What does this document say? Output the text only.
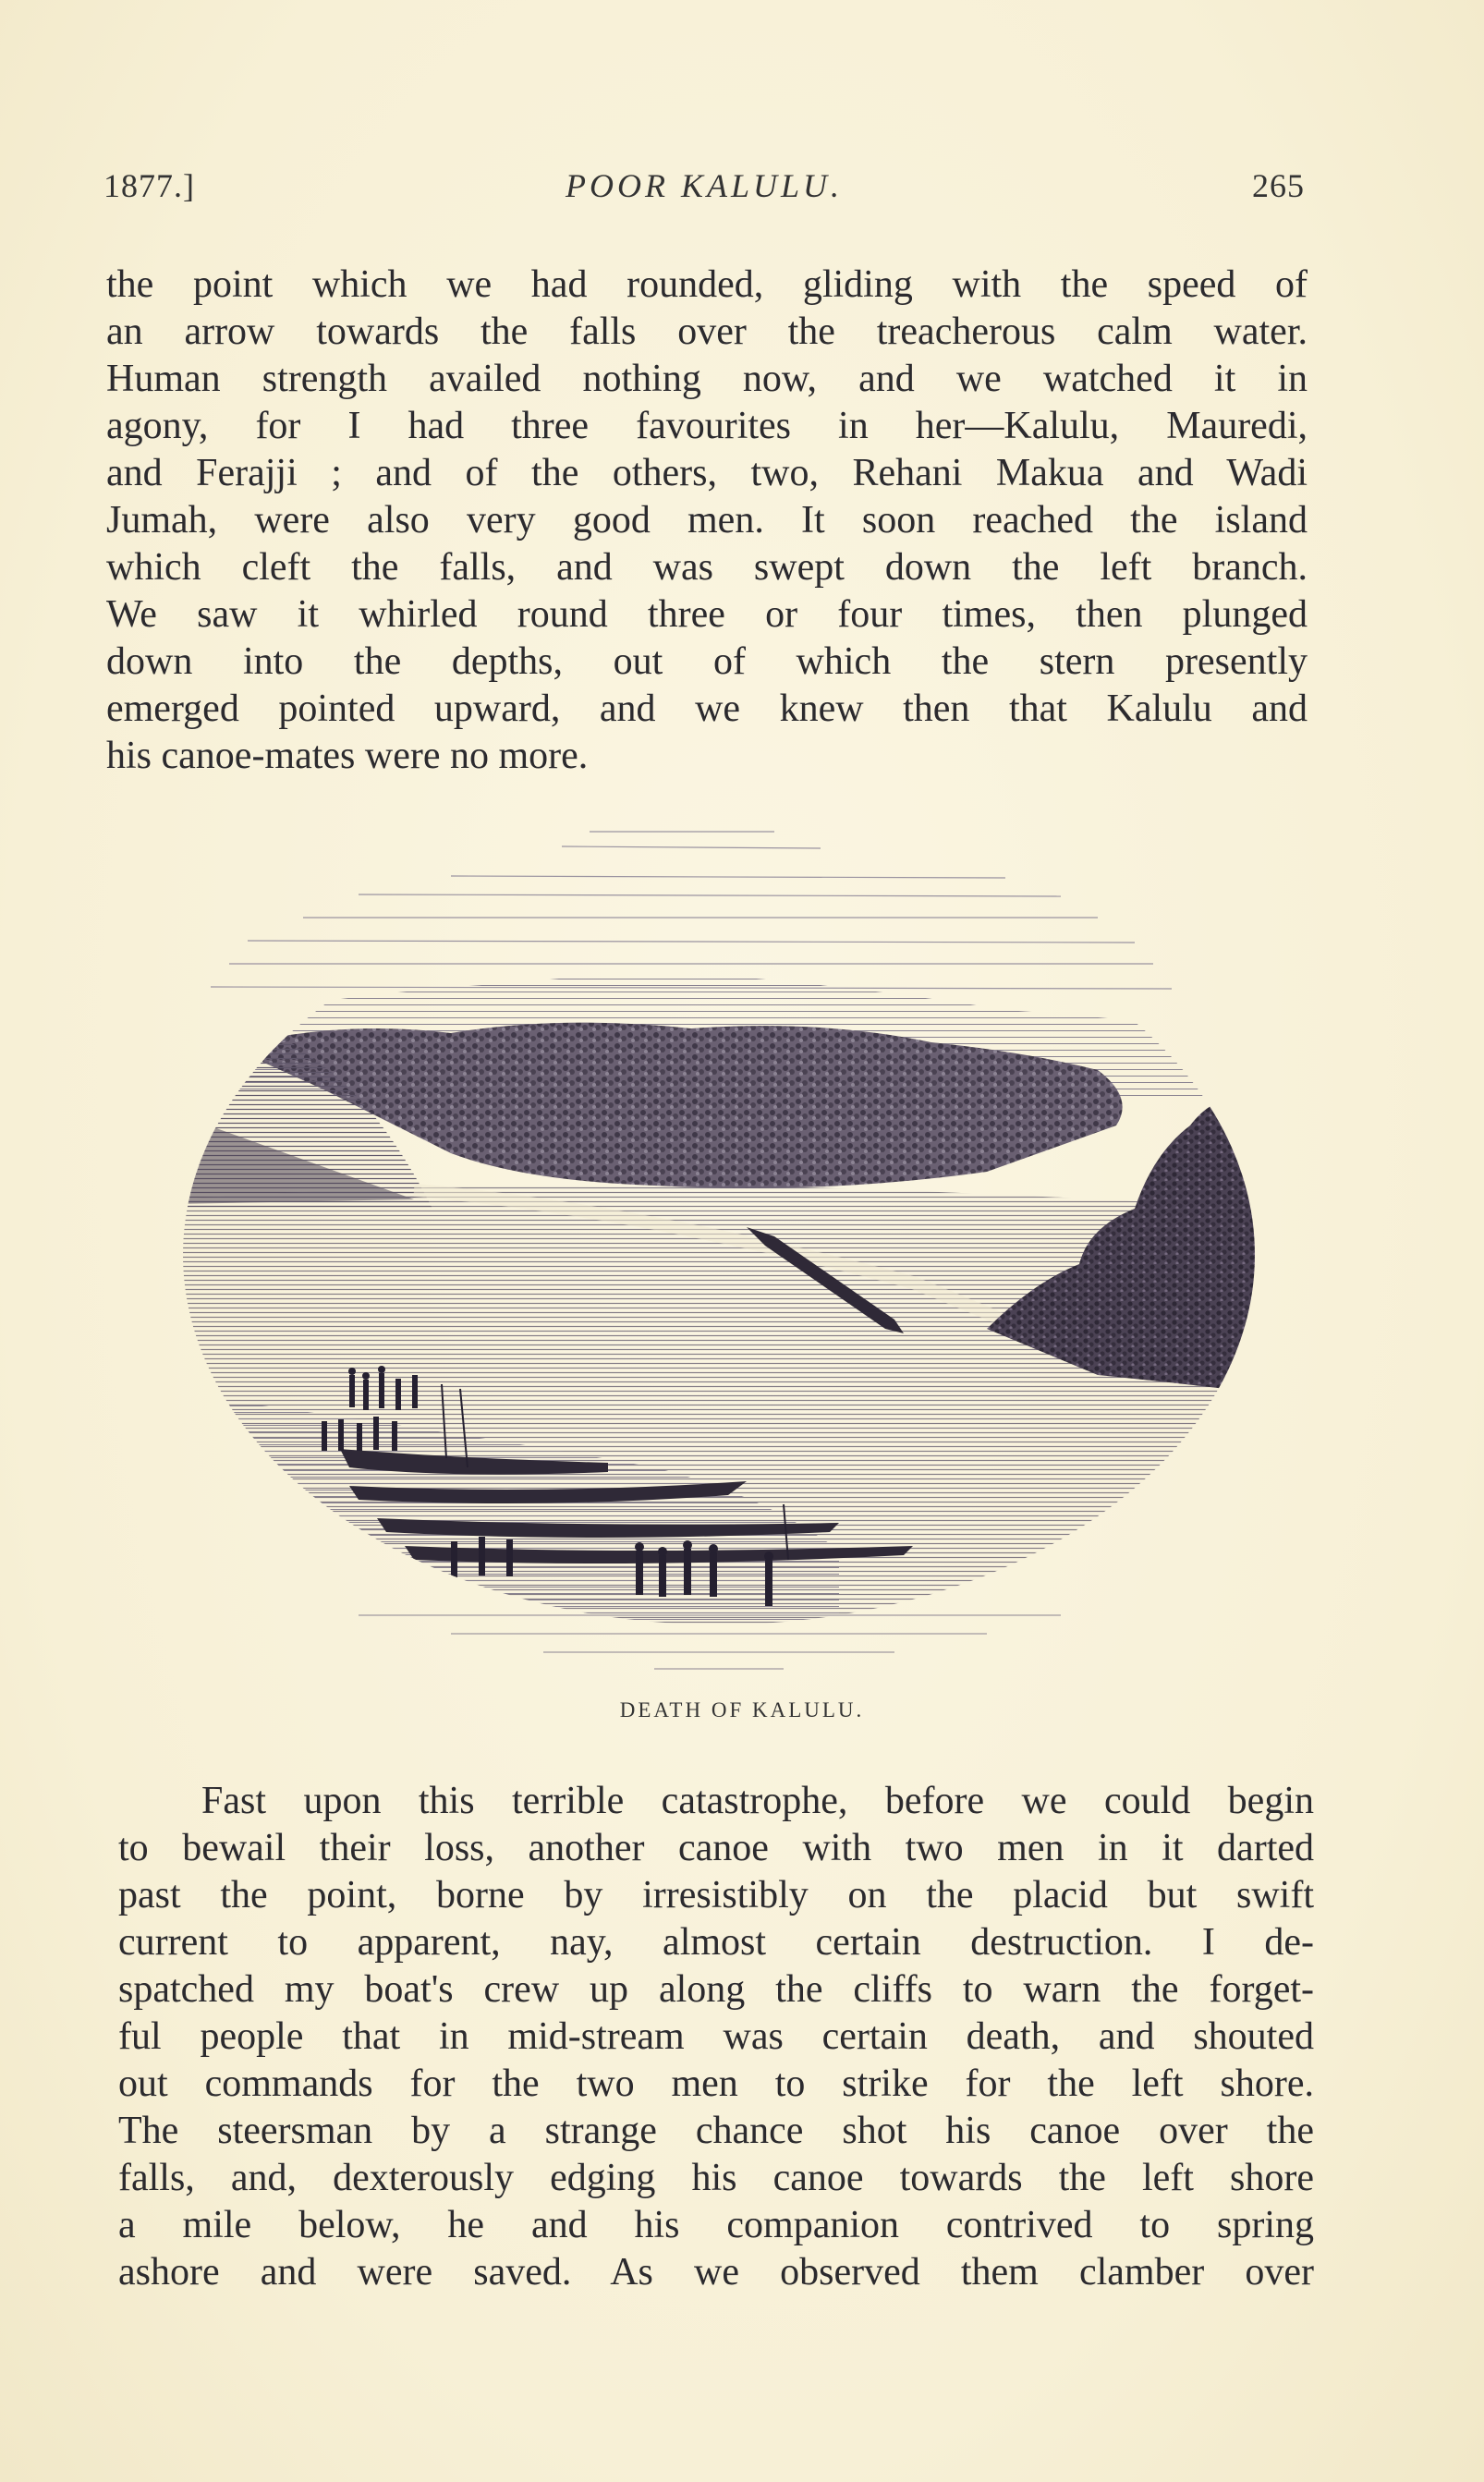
1877.]	POOR KALULU.	265
the point which we had rounded, gliding with the speed of
an arrow towards the falls over the treacherous calm water.
Human strength availed nothing now, and we watched it in
agony, for I had three favourites in her—Kalulu, Mauredi,
and Ferajji ; and of the others, two, Rehani Makua and Wadi
Jumah, were also very good men. It soon reached the island
which cleft the falls, and was swept down the left branch.
We saw it whirled round three or four times, then plunged
down into the depths, out of which the stern presently
emerged pointed upward, and we knew then that Kalulu and
his canoe-mates were no more.
DEATH OF KALULU.
Fast upon this terrible catastrophe, before we could begin
to bewail their loss, another canoe with two men in it darted
past the point, borne by irresistibly on the placid but swift
current to apparent, nay, almost certain destruction. I de-
spatched my boat's crew up along the cliffs to warn the forget-
ful people that in mid-stream was certain death, and shouted
out commands for the two men to strike for the left shore.
The steersman by a strange chance shot his canoe over the
falls, and, dexterously edging his canoe towards the left shore
a mile below, he and his companion contrived to spring
ashore and were saved. As we observed them clamber over
